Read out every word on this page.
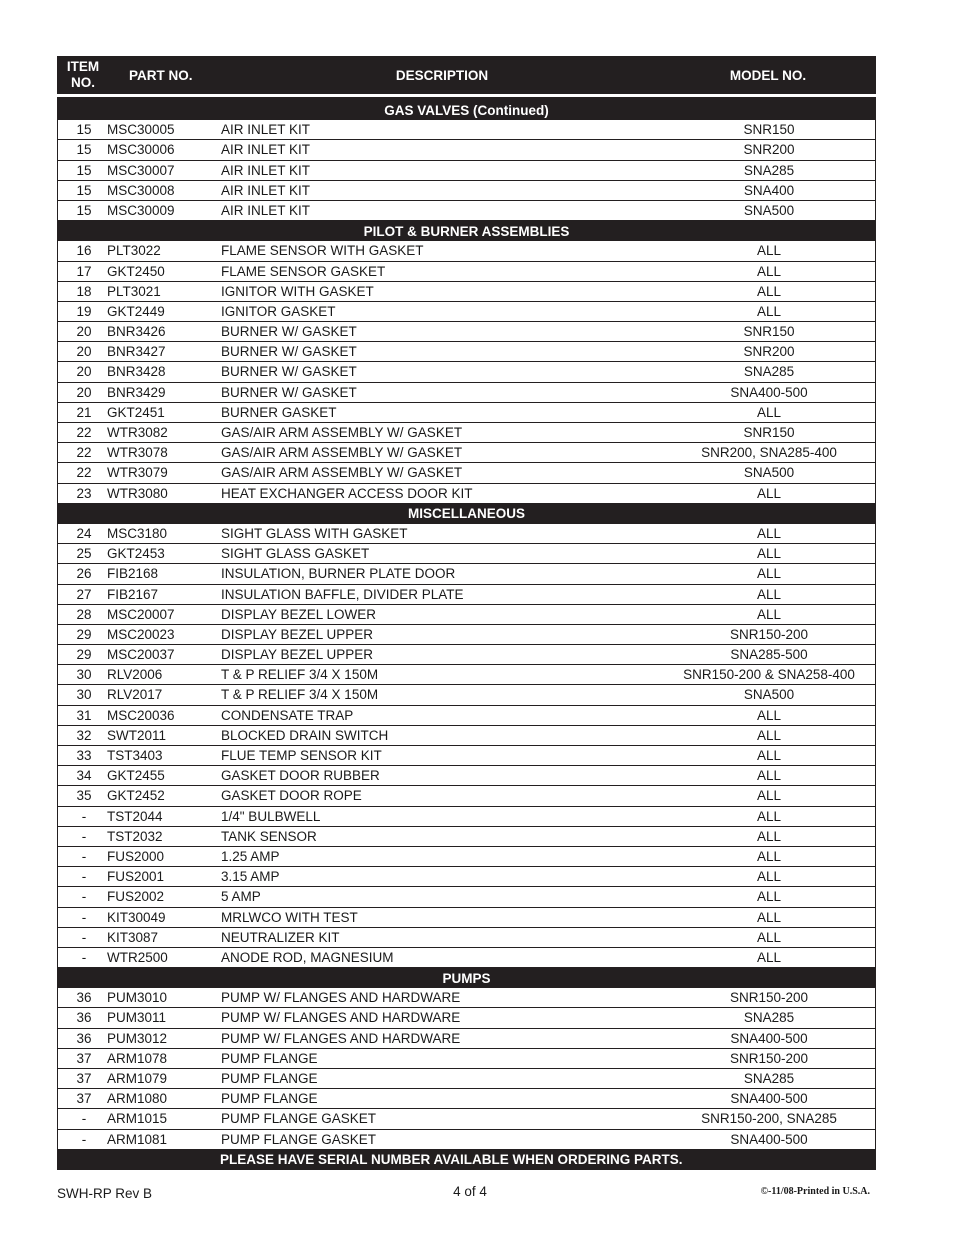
ITEM
NO.	PART NO.	DESCRIPTION	MODEL NO.
GAS VALVES (Continued)
15	MSC30005	AIR INLET KIT	SNR150
15	MSC30006	AIR INLET KIT	SNR200
15	MSC30007	AIR INLET KIT	SNA285
15	MSC30008	AIR INLET KIT	SNA400
15	MSC30009	AIR INLET KIT	SNA500
PILOT & BURNER ASSEMBLIES
16	PLT3022	FLAME SENSOR WITH GASKET	ALL
17	GKT2450	FLAME SENSOR GASKET	ALL
18	PLT3021	IGNITOR WITH GASKET	ALL
19	GKT2449	IGNITOR GASKET	ALL
20	BNR3426	BURNER W/ GASKET	SNR150
20	BNR3427	BURNER W/ GASKET	SNR200
20	BNR3428	BURNER W/ GASKET	SNA285
20	BNR3429	BURNER W/ GASKET	SNA400-500
21	GKT2451	BURNER GASKET	ALL
22	WTR3082	GAS/AIR ARM ASSEMBLY W/ GASKET	SNR150
22	WTR3078	GAS/AIR ARM ASSEMBLY W/ GASKET	SNR200, SNA285-400
22	WTR3079	GAS/AIR ARM ASSEMBLY W/ GASKET	SNA500
23	WTR3080	HEAT EXCHANGER ACCESS DOOR KIT	ALL
MISCELLANEOUS
24	MSC3180	SIGHT GLASS WITH GASKET	ALL
25	GKT2453	SIGHT GLASS GASKET	ALL
26	FIB2168	INSULATION, BURNER PLATE DOOR	ALL
27	FIB2167	INSULATION BAFFLE, DIVIDER PLATE	ALL
28	MSC20007	DISPLAY BEZEL LOWER	ALL
29	MSC20023	DISPLAY BEZEL UPPER	SNR150-200
29	MSC20037	DISPLAY BEZEL UPPER	SNA285-500
30	RLV2006	T & P RELIEF 3/4 X 150M	SNR150-200 & SNA258-400
30	RLV2017	T & P RELIEF 3/4 X 150M	SNA500
31	MSC20036	CONDENSATE TRAP	ALL
32	SWT2011	BLOCKED DRAIN SWITCH	ALL
33	TST3403	FLUE TEMP SENSOR KIT	ALL
34	GKT2455	GASKET DOOR RUBBER	ALL
35	GKT2452	GASKET DOOR ROPE	ALL
-	TST2044	1/4" BULBWELL	ALL
-	TST2032	TANK SENSOR	ALL
-	FUS2000	1.25 AMP	ALL
-	FUS2001	3.15 AMP	ALL
-	FUS2002	5 AMP	ALL
-	KIT30049	MRLWCO WITH TEST	ALL
-	KIT3087	NEUTRALIZER KIT	ALL
-	WTR2500	ANODE ROD, MAGNESIUM	ALL
PUMPS
36	PUM3010	PUMP W/ FLANGES AND HARDWARE	SNR150-200
36	PUM3011	PUMP W/ FLANGES AND HARDWARE	SNA285
36	PUM3012	PUMP W/ FLANGES AND HARDWARE	SNA400-500
37	ARM1078	PUMP FLANGE	SNR150-200
37	ARM1079	PUMP FLANGE	SNA285
37	ARM1080	PUMP FLANGE	SNA400-500
-	ARM1015	PUMP FLANGE GASKET	SNR150-200, SNA285
-	ARM1081	PUMP FLANGE GASKET	SNA400-500
PLEASE HAVE SERIAL NUMBER AVAILABLE WHEN ORDERING PARTS.
SWH-RP Rev B	4 of 4	©-11/08-Printed in U.S.A.
